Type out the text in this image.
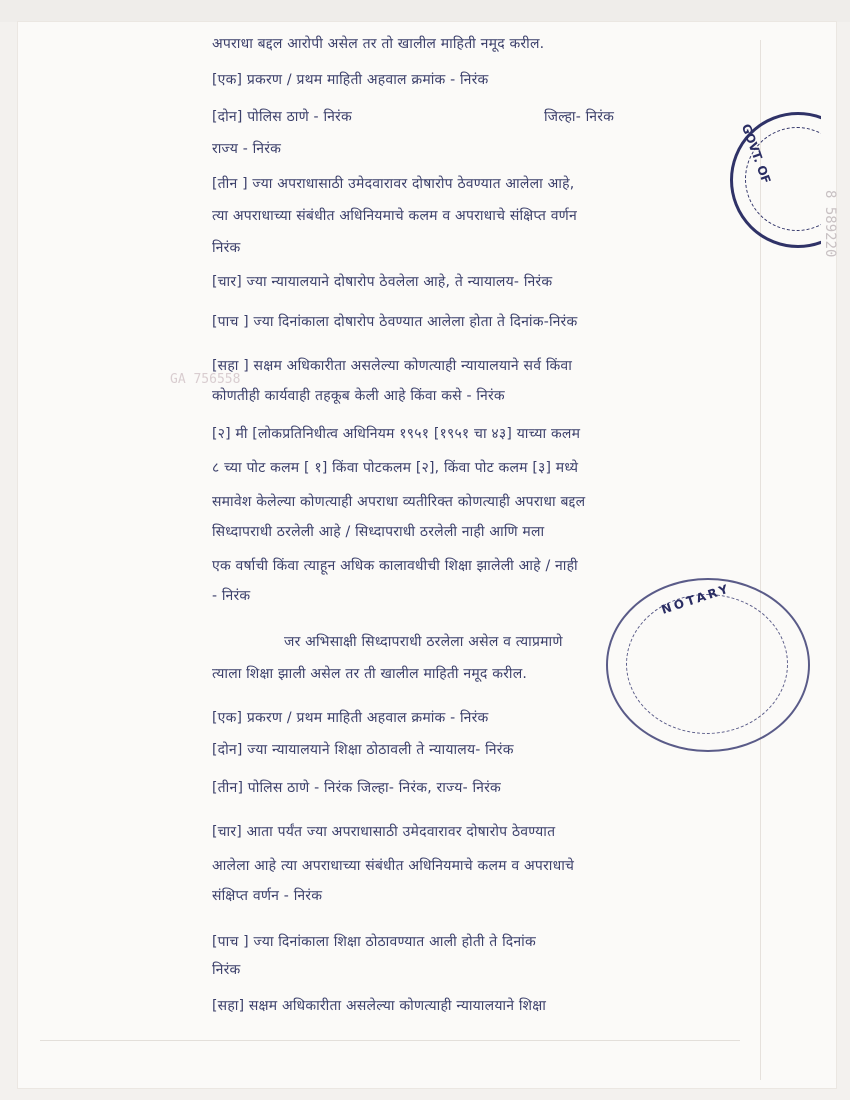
8 589220
GA 756558
अपराधा बद्दल आरोपी असेल तर तो खालील माहिती नमूद करील.
[एक] प्रकरण / प्रथम माहिती अहवाल क्रमांक - निरंक
[दोन] पोलिस ठाणे - निरंक	जिल्हा- निरंक
राज्य - निरंक
[तीन ] ज्या अपराधासाठी उमेदवारावर दोषारोप ठेवण्यात आलेला आहे,
त्या अपराधाच्या संबंधीत अधिनियमाचे कलम व अपराधाचे संक्षिप्त वर्णन
निरंक
[चार] ज्या न्यायालयाने दोषारोप ठेवलेला आहे, ते न्यायालय- निरंक
[पाच ] ज्या दिनांकाला दोषारोप ठेवण्यात आलेला होता ते दिनांक-निरंक
[सहा ] सक्षम अधिकारीता असलेल्या कोणत्याही न्यायालयाने सर्व किंवा
कोणतीही कार्यवाही तहकूब केली आहे किंवा कसे - निरंक
[२] मी [लोकप्रतिनिधीत्व अधिनियम १९५१ [१९५१ चा ४३] याच्या कलम
८ च्या पोट कलम [ १] किंवा पोटकलम [२], किंवा पोट कलम [३] मध्ये
समावेश केलेल्या कोणत्याही अपराधा व्यतीरिक्त कोणत्याही अपराधा बद्दल
सिध्दापराधी ठरलेली आहे / सिध्दापराधी ठरलेली नाही आणि मला
एक वर्षाची किंवा त्याहून अधिक कालावधीची शिक्षा झालेली आहे / नाही
- निरंक
जर अभिसाक्षी सिध्दापराधी ठरलेला असेल व त्याप्रमाणे
त्याला शिक्षा झाली असेल तर ती खालील माहिती नमूद करील.
[एक] प्रकरण / प्रथम माहिती अहवाल क्रमांक - निरंक
[दोन] ज्या न्यायालयाने शिक्षा ठोठावली ते न्यायालय- निरंक
[तीन] पोलिस ठाणे - निरंक जिल्हा- निरंक, राज्य- निरंक
[चार] आता पर्यंत ज्या अपराधासाठी उमेदवारावर दोषारोप ठेवण्यात
आलेला आहे त्या अपराधाच्या संबंधीत अधिनियमाचे कलम व अपराधाचे
संक्षिप्त वर्णन - निरंक
[पाच ] ज्या दिनांकाला शिक्षा ठोठावण्यात आली होती ते दिनांक
निरंक
[सहा] सक्षम अधिकारीता असलेल्या कोणत्याही न्यायालयाने शिक्षा
GOVT. OF
NOTARY
